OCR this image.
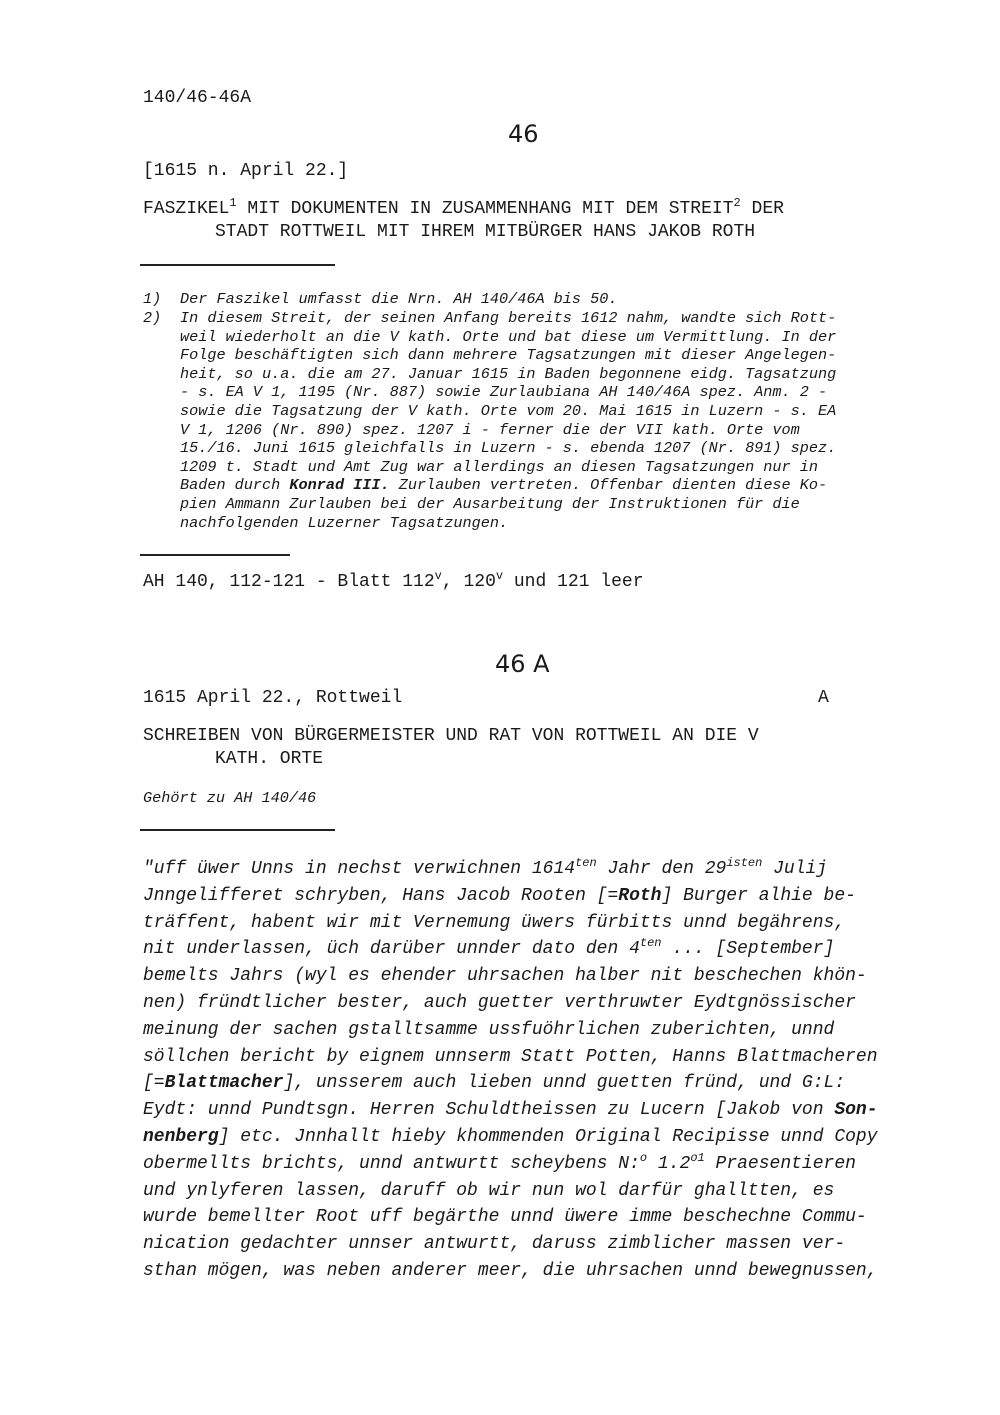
140/46-46A
46
[1615 n. April 22.]
FASZIKEL$^1$ MIT DOKUMENTEN IN ZUSAMMENHANG MIT DEM STREIT$^2$ DER
STADT ROTTWEIL MIT IHREM MITBÜRGER HANS JAKOB ROTH
1) Der Faszikel umfasst die Nrn. AH 140/46A bis 50.
2) In diesem Streit, der seinen Anfang bereits 1612 nahm, wandte sich Rott-
weil wiederholt an die V kath. Orte und bat diese um Vermittlung. In der
Folge beschäftigten sich dann mehrere Tagsatzungen mit dieser Angelegen-
heit, so u.a. die am 27. Januar 1615 in Baden begonnene eidg. Tagsatzung
- s. EA V 1, 1195 (Nr. 887) sowie Zurlaubiana AH 140/46A spez. Anm. 2 -
sowie die Tagsatzung der V kath. Orte vom 20. Mai 1615 in Luzern - s. EA
V 1, 1206 (Nr. 890) spez. 1207 i - ferner die der VII kath. Orte vom
15./16. Juni 1615 gleichfalls in Luzern - s. ebenda 1207 (Nr. 891) spez.
1209 t. Stadt und Amt Zug war allerdings an diesen Tagsatzungen nur in
Baden durch Konrad III. Zurlauben vertreten. Offenbar dienten diese Ko-
pien Ammann Zurlauben bei der Ausarbeitung der Instruktionen für die
nachfolgenden Luzerner Tagsatzungen.
AH 140, 112-121 - Blatt 112$^v$, 120$^v$ und 121 leer
46 A
1615 April 22., Rottweil	A
SCHREIBEN VON BÜRGERMEISTER UND RAT VON ROTTWEIL AN DIE V
KATH. ORTE
Gehört zu AH 140/46
"uff üwer Unns in nechst verwichnen $1614^{ten}$ Jahr den $29^{isten}$ Julij
Jnngelifferet schryben, Hans Jacob Rooten [=Roth] Burger alhie be-
träffent, habent wir mit Vernemung üwers fürbitts unnd begährens,
nit underlassen, üch darüber unnder dato den $4^{ten}$ ... [September]
bemelts Jahrs (wyl es ehender uhrsachen halber nit beschechen khön-
nen) fründtlicher bester, auch guetter verthruwter Eydtgnössischer
meinung der sachen gstalltsamme ussfuöhrlichen zuberichten, unnd
söllchen bericht by eignem unnserm Statt Potten, Hanns Blattmacheren
[=Blattmacher], unsserem auch lieben unnd guetten fründ, und G:L:
Eydt: unnd Pundtsgn. Herren Schuldtheissen zu Lucern [Jakob von Son-
nenberg] etc. Jnnhallt hieby khommenden Original Recipisse unnd Copy
obermellts brichts, unnd antwurtt scheybens N:$^o$ $1.2^{o1}$ Praesentieren
und ynlyferen lassen, daruff ob wir nun wol darfür ghalltten, es
wurde bemellter Root uff begärthe unnd üwere imme beschechne Commu-
nication gedachter unnser antwurtt, daruss zimblicher massen ver-
sthan mögen, was neben anderer meer, die uhrsachen unnd bewegnussen,
